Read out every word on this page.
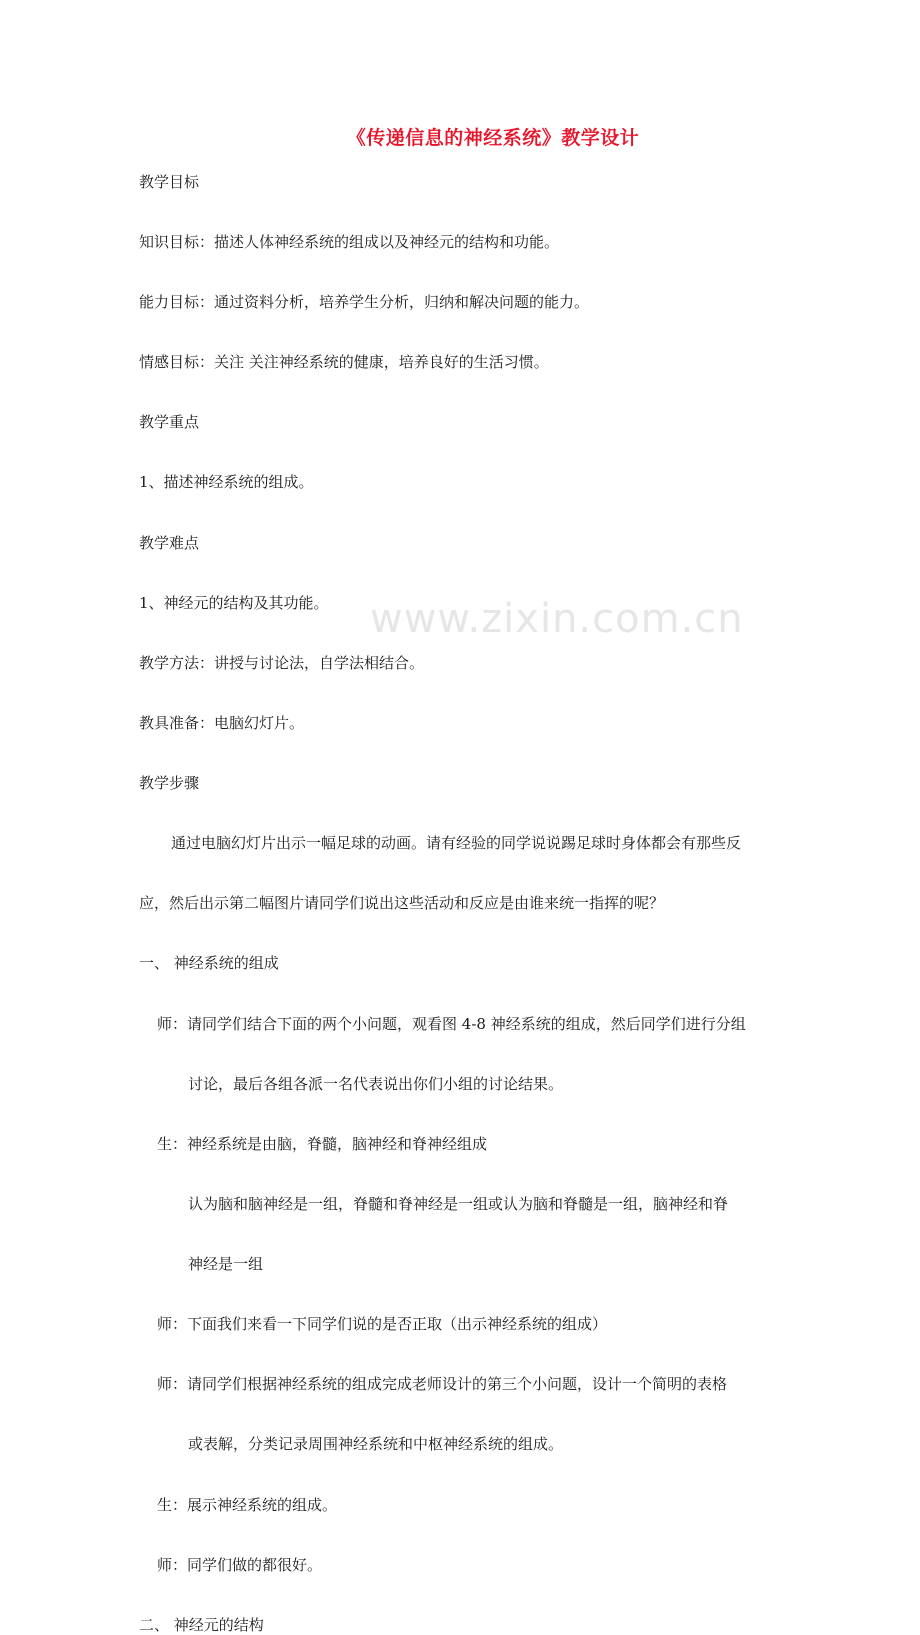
《传递信息的神经系统》教学设计
www.zixin.com.cn
教学目标
知识目标：描述人体神经系统的组成以及神经元的结构和功能。
能力目标：通过资料分析，培养学生分析，归纳和解决问题的能力。
情感目标：关注 关注神经系统的健康，培养良好的生活习惯。
教学重点
1、描述神经系统的组成。
教学难点
1、神经元的结构及其功能。
教学方法：讲授与讨论法，自学法相结合。
教具准备：电脑幻灯片。
教学步骤
通过电脑幻灯片出示一幅足球的动画。请有经验的同学说说踢足球时身体都会有那些反
应，然后出示第二幅图片请同学们说出这些活动和反应是由谁来统一指挥的呢？
一、 神经系统的组成
师：请同学们结合下面的两个小问题，观看图 4-8 神经系统的组成，然后同学们进行分组
讨论，最后各组各派一名代表说出你们小组的讨论结果。
生：神经系统是由脑，脊髓，脑神经和脊神经组成
认为脑和脑神经是一组，脊髓和脊神经是一组或认为脑和脊髓是一组，脑神经和脊
神经是一组
师：下面我们来看一下同学们说的是否正取（出示神经系统的组成）
师：请同学们根据神经系统的组成完成老师设计的第三个小问题，设计一个简明的表格
或表解，分类记录周围神经系统和中枢神经系统的组成。
生：展示神经系统的组成。
师：同学们做的都很好。
二、 神经元的结构
